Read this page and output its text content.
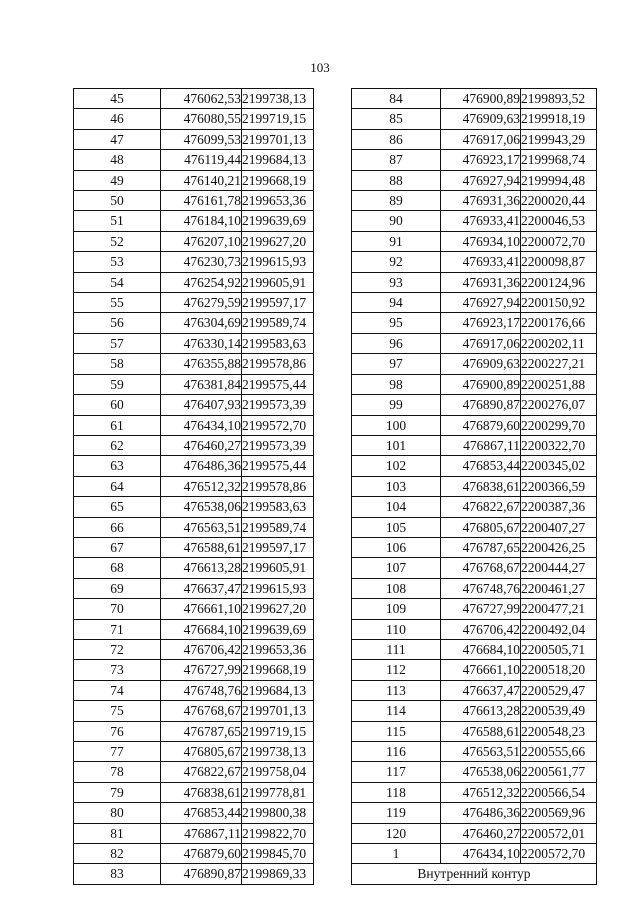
103
45	476062,53	2199738,13
46	476080,55	2199719,15
47	476099,53	2199701,13
48	476119,44	2199684,13
49	476140,21	2199668,19
50	476161,78	2199653,36
51	476184,10	2199639,69
52	476207,10	2199627,20
53	476230,73	2199615,93
54	476254,92	2199605,91
55	476279,59	2199597,17
56	476304,69	2199589,74
57	476330,14	2199583,63
58	476355,88	2199578,86
59	476381,84	2199575,44
60	476407,93	2199573,39
61	476434,10	2199572,70
62	476460,27	2199573,39
63	476486,36	2199575,44
64	476512,32	2199578,86
65	476538,06	2199583,63
66	476563,51	2199589,74
67	476588,61	2199597,17
68	476613,28	2199605,91
69	476637,47	2199615,93
70	476661,10	2199627,20
71	476684,10	2199639,69
72	476706,42	2199653,36
73	476727,99	2199668,19
74	476748,76	2199684,13
75	476768,67	2199701,13
76	476787,65	2199719,15
77	476805,67	2199738,13
78	476822,67	2199758,04
79	476838,61	2199778,81
80	476853,44	2199800,38
81	476867,11	2199822,70
82	476879,60	2199845,70
83	476890,87	2199869,33
84	476900,89	2199893,52
85	476909,63	2199918,19
86	476917,06	2199943,29
87	476923,17	2199968,74
88	476927,94	2199994,48
89	476931,36	2200020,44
90	476933,41	2200046,53
91	476934,10	2200072,70
92	476933,41	2200098,87
93	476931,36	2200124,96
94	476927,94	2200150,92
95	476923,17	2200176,66
96	476917,06	2200202,11
97	476909,63	2200227,21
98	476900,89	2200251,88
99	476890,87	2200276,07
100	476879,60	2200299,70
101	476867,11	2200322,70
102	476853,44	2200345,02
103	476838,61	2200366,59
104	476822,67	2200387,36
105	476805,67	2200407,27
106	476787,65	2200426,25
107	476768,67	2200444,27
108	476748,76	2200461,27
109	476727,99	2200477,21
110	476706,42	2200492,04
111	476684,10	2200505,71
112	476661,10	2200518,20
113	476637,47	2200529,47
114	476613,28	2200539,49
115	476588,61	2200548,23
116	476563,51	2200555,66
117	476538,06	2200561,77
118	476512,32	2200566,54
119	476486,36	2200569,96
120	476460,27	2200572,01
1	476434,10	2200572,70
Внутренний контур		
